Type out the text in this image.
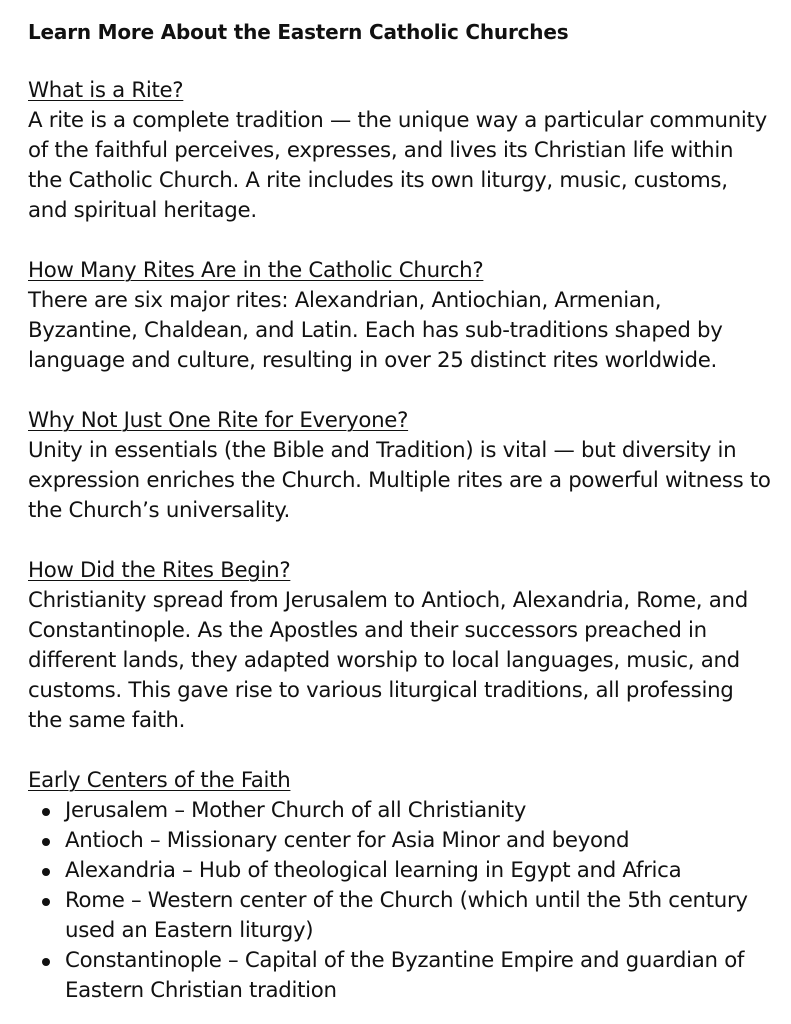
Learn More About the Eastern Catholic Churches

What is a Rite?

A rite is a complete tradition — the unique way a particular community of the faithful perceives, expresses, and lives its Christian life within the Catholic Church. A rite includes its own liturgy, music, customs, and spiritual heritage.

How Many Rites Are in the Catholic Church?

There are six major rites: Alexandrian, Antiochian, Armenian, Byzantine, Chaldean, and Latin. Each has sub-traditions shaped by language and culture, resulting in over 25 distinct rites worldwide.

Why Not Just One Rite for Everyone?

Unity in essentials (the Bible and Tradition) is vital — but diversity in expression enriches the Church. Multiple rites are a powerful witness to the Church’s universality.

How Did the Rites Begin?

Christianity spread from Jerusalem to Antioch, Alexandria, Rome, and Constantinople. As the Apostles and their successors preached in different lands, they adapted worship to local languages, music, and customs. This gave rise to various liturgical traditions, all professing the same faith.

Early Centers of the Faith

Jerusalem – Mother Church of all Christianity
Antioch – Missionary center for Asia Minor and beyond
Alexandria – Hub of theological learning in Egypt and Africa
Rome – Western center of the Church (which until the 5th century used an Eastern liturgy)
Constantinople – Capital of the Byzantine Empire and guardian of Eastern Christian tradition
